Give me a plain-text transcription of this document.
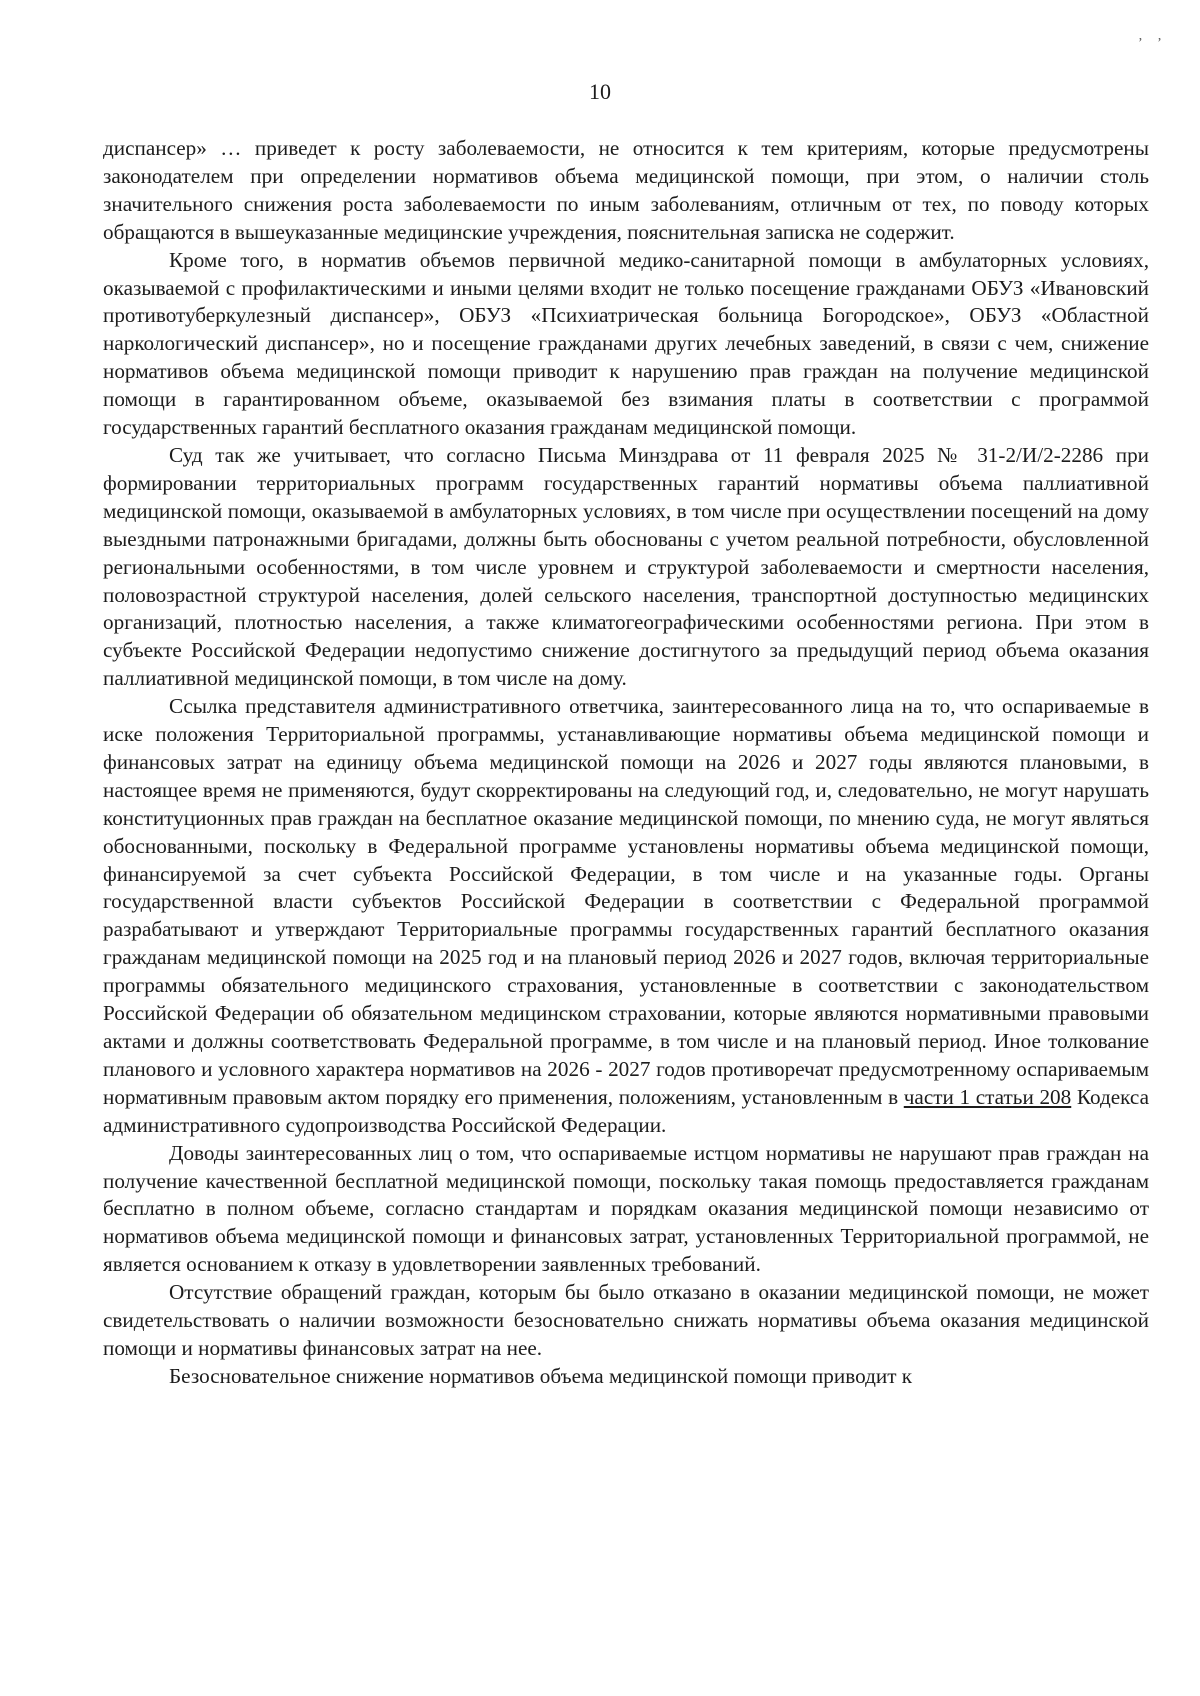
’ ’
10

диспансер» … приведет к росту заболеваемости, не относится к тем критериям, которые предусмотрены законодателем при определении нормативов объема медицинской помощи, при этом, о наличии столь значительного снижения роста заболеваемости по иным заболеваниям, отличным от тех, по поводу которых обращаются в вышеуказанные медицинские учреждения, пояснительная записка не содержит.

Кроме того, в норматив объемов первичной медико-санитарной помощи в амбулаторных условиях, оказываемой с профилактическими и иными целями входит не только посещение гражданами ОБУЗ «Ивановский противотуберкулезный диспансер», ОБУЗ «Психиатрическая больница Богородское», ОБУЗ «Областной наркологический диспансер», но и посещение гражданами других лечебных заведений, в связи с чем, снижение нормативов объема медицинской помощи приводит к нарушению прав граждан на получение медицинской помощи в гарантированном объеме, оказываемой без взимания платы в соответствии с программой государственных гарантий бесплатного оказания гражданам медицинской помощи.

Суд так же учитывает, что согласно Письма Минздрава от 11 февраля 2025 № 31-2/И/2-2286 при формировании территориальных программ государственных гарантий нормативы объема паллиативной медицинской помощи, оказываемой в амбулаторных условиях, в том числе при осуществлении посещений на дому выездными патронажными бригадами, должны быть обоснованы с учетом реальной потребности, обусловленной региональными особенностями, в том числе уровнем и структурой заболеваемости и смертности населения, половозрастной структурой населения, долей сельского населения, транспортной доступностью медицинских организаций, плотностью населения, а также климатогеографическими особенностями региона. При этом в субъекте Российской Федерации недопустимо снижение достигнутого за предыдущий период объема оказания паллиативной медицинской помощи, в том числе на дому.

Ссылка представителя административного ответчика, заинтересованного лица на то, что оспариваемые в иске положения Территориальной программы, устанавливающие нормативы объема медицинской помощи и финансовых затрат на единицу объема медицинской помощи на 2026 и 2027 годы являются плановыми, в настоящее время не применяются, будут скорректированы на следующий год, и, следовательно, не могут нарушать конституционных прав граждан на бесплатное оказание медицинской помощи, по мнению суда, не могут являться обоснованными, поскольку в Федеральной программе установлены нормативы объема медицинской помощи, финансируемой за счет субъекта Российской Федерации, в том числе и на указанные годы. Органы государственной власти субъектов Российской Федерации в соответствии с Федеральной программой разрабатывают и утверждают Территориальные программы государственных гарантий бесплатного оказания гражданам медицинской помощи на 2025 год и на плановый период 2026 и 2027 годов, включая территориальные программы обязательного медицинского страхования, установленные в соответствии с законодательством Российской Федерации об обязательном медицинском страховании, которые являются нормативными правовыми актами и должны соответствовать Федеральной программе, в том числе и на плановый период. Иное толкование планового и условного характера нормативов на 2026 - 2027 годов противоречат предусмотренному оспариваемым нормативным правовым актом порядку его применения, положениям, установленным в части 1 статьи 208 Кодекса административного судопроизводства Российской Федерации.

Доводы заинтересованных лиц о том, что оспариваемые истцом нормативы не нарушают прав граждан на получение качественной бесплатной медицинской помощи, поскольку такая помощь предоставляется гражданам бесплатно в полном объеме, согласно стандартам и порядкам оказания медицинской помощи независимо от нормативов объема медицинской помощи и финансовых затрат, установленных Территориальной программой, не является основанием к отказу в удовлетворении заявленных требований.

Отсутствие обращений граждан, которым бы было отказано в оказании медицинской помощи, не может свидетельствовать о наличии возможности безосновательно снижать нормативы объема оказания медицинской помощи и нормативы финансовых затрат на нее.

Безосновательное снижение нормативов объема медицинской помощи приводит к
